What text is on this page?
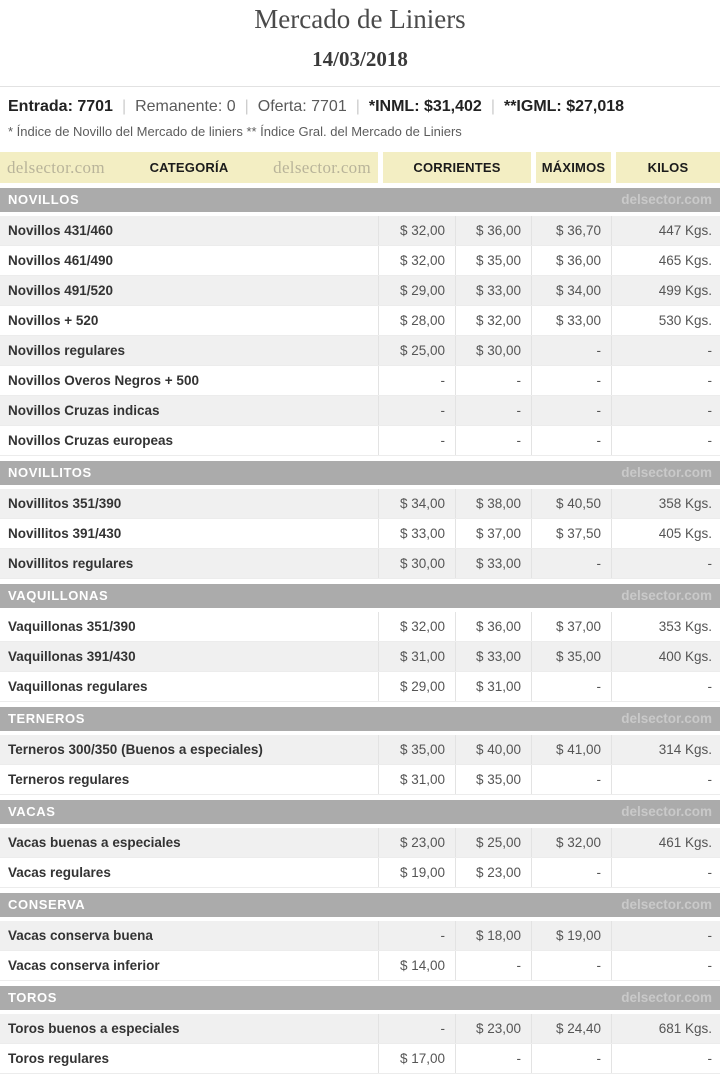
Mercado de Liniers
14/03/2018
Entrada: 7701 | Remanente: 0 | Oferta: 7701 | *INML: $31,402 | **IGML: $27,018
* Índice de Novillo del Mercado de liniers ** Índice Gral. del Mercado de Liniers
delsector.com	CATEGORÍA	delsector.com	CORRIENTES	MÁXIMOS	KILOS
NOVILLOS	delsector.com
Novillos 431/460	$ 32,00	$ 36,00	$ 36,70	447 Kgs.
Novillos 461/490	$ 32,00	$ 35,00	$ 36,00	465 Kgs.
Novillos 491/520	$ 29,00	$ 33,00	$ 34,00	499 Kgs.
Novillos + 520	$ 28,00	$ 32,00	$ 33,00	530 Kgs.
Novillos regulares	$ 25,00	$ 30,00	-	-
Novillos Overos Negros + 500	-	-	-	-
Novillos Cruzas indicas	-	-	-	-
Novillos Cruzas europeas	-	-	-	-
NOVILLITOS	delsector.com
Novillitos 351/390	$ 34,00	$ 38,00	$ 40,50	358 Kgs.
Novillitos 391/430	$ 33,00	$ 37,00	$ 37,50	405 Kgs.
Novillitos regulares	$ 30,00	$ 33,00	-	-
VAQUILLONAS	delsector.com
Vaquillonas 351/390	$ 32,00	$ 36,00	$ 37,00	353 Kgs.
Vaquillonas 391/430	$ 31,00	$ 33,00	$ 35,00	400 Kgs.
Vaquillonas regulares	$ 29,00	$ 31,00	-	-
TERNEROS	delsector.com
Terneros 300/350 (Buenos a especiales)	$ 35,00	$ 40,00	$ 41,00	314 Kgs.
Terneros regulares	$ 31,00	$ 35,00	-	-
VACAS	delsector.com
Vacas buenas a especiales	$ 23,00	$ 25,00	$ 32,00	461 Kgs.
Vacas regulares	$ 19,00	$ 23,00	-	-
CONSERVA	delsector.com
Vacas conserva buena	-	$ 18,00	$ 19,00	-
Vacas conserva inferior	$ 14,00	-	-	-
TOROS	delsector.com
Toros buenos a especiales	-	$ 23,00	$ 24,40	681 Kgs.
Toros regulares	$ 17,00	-	-	-
